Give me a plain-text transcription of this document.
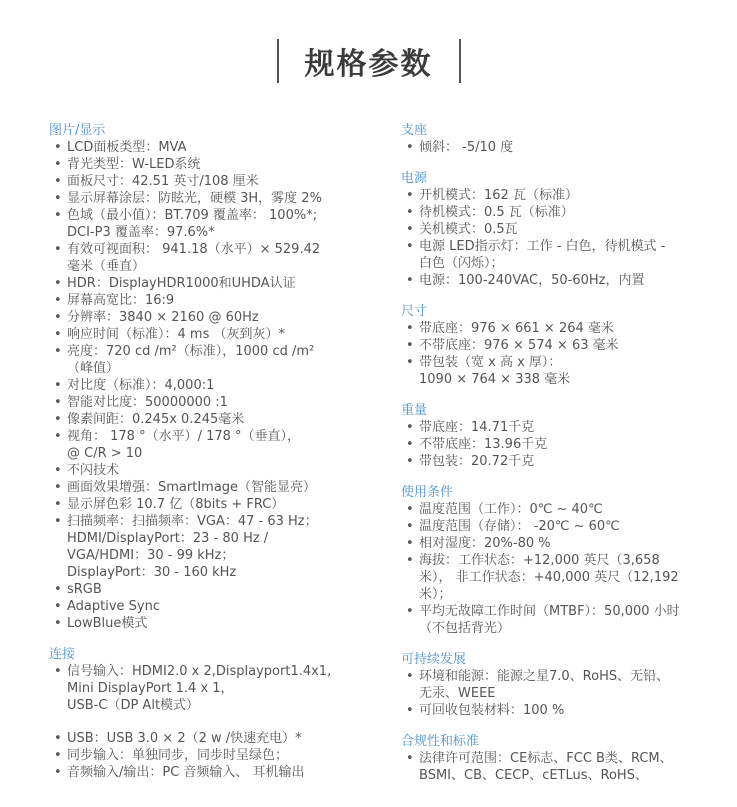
规格参数
图片/显示
• LCD面板类型：MVA
• 背光类型：W-LED系统
• 面板尺寸：42.51 英寸/108 厘米
• 显示屏幕涂层：防眩光，硬模 3H，雾度 2%
• 色域（最小值）：BT.709 覆盖率： 100%*;
DCI-P3 覆盖率：97.6%*
• 有效可视面积： 941.18（水平）× 529.42
毫米（垂直）
• HDR：DisplayHDR1000和UHDA认证
• 屏幕高宽比：16:9
• 分辨率：3840 × 2160 @ 60Hz
• 响应时间（标准）：4 ms （灰到灰）*
• 亮度：720 cd /m²（标准），1000 cd /m²
（峰值）
• 对比度（标准）：4,000:1
• 智能对比度：50000000 :1
• 像素间距：0.245x 0.245毫米
• 视角： 178 °（水平）/ 178 °（垂直），
@ C/R > 10
• 不闪技术
• 画面效果增强：SmartImage（智能显亮）
• 显示屏色彩 10.7 亿（8bits + FRC）
• 扫描频率：扫描频率：VGA：47 - 63 Hz；
HDMI/DisplayPort：23 - 80 Hz /
VGA/HDMI：30 - 99 kHz；
DisplayPort：30 - 160 kHz
• sRGB
• Adaptive Sync
• LowBlue模式
连接
• 信号输入：HDMI2.0 x 2,Displayport1.4x1,
Mini DisplayPort 1.4 x 1，
USB-C（DP Alt模式）
• USB：USB 3.0 × 2（2 w /快速充电）*
• 同步输入：单独同步，同步时呈绿色；
• 音频输入/输出：PC 音频输入、 耳机输出
支座
• 倾斜： -5/10 度
电源
• 开机模式：162 瓦（标准）
• 待机模式：0.5 瓦（标准）
• 关机模式：0.5瓦
• 电源 LED指示灯：工作 - 白色，待机模式 -
白色（闪烁）；
• 电源：100-240VAC，50-60Hz，内置
尺寸
• 带底座：976 × 661 × 264 毫米
• 不带底座：976 × 574 × 63 毫米
• 带包装（宽 x 高 x 厚）：
1090 × 764 × 338 毫米
重量
• 带底座：14.71千克
• 不带底座：13.96千克
• 带包装：20.72千克
使用条件
• 温度范围（工作）：0℃ ~ 40℃
• 温度范围（存储）： -20℃ ~ 60℃
• 相对湿度：20%-80 %
• 海拔：工作状态：+12,000 英尺（3,658
米）， 非工作状态：+40,000 英尺（12,192
米）；
• 平均无故障工作时间（MTBF）：50,000 小时
（不包括背光）
可持续发展
• 环境和能源：能源之星7.0、RoHS、无铅、
无汞、WEEE
• 可回收包装材料：100 %
合规性和标准
• 法律许可范围：CE标志、FCC B类、RCM、
BSMI、CB、CECP、cETLus、RoHS、
